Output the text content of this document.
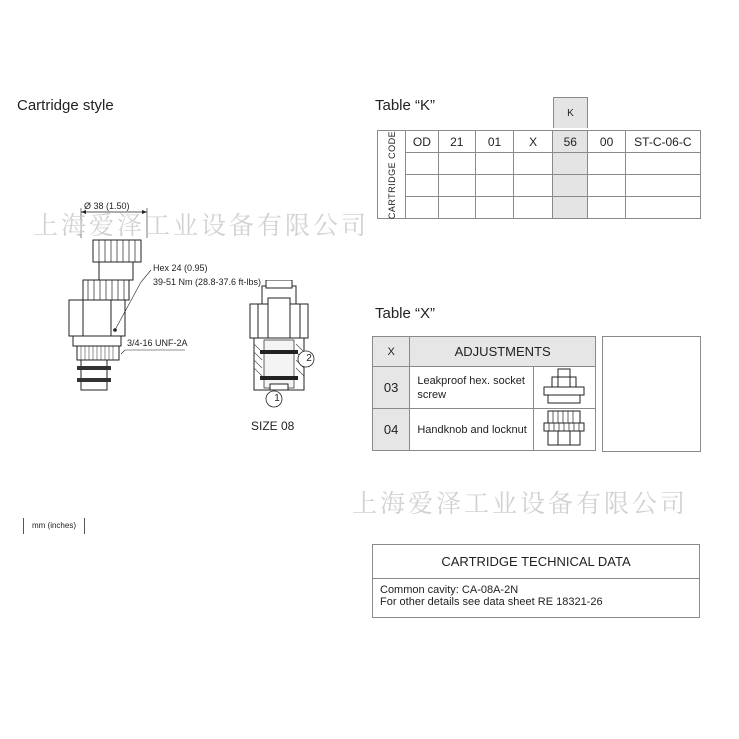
Cartridge style	Table “K”
Table “X”
Ø 38 (1.50)
Hex 24 (0.95)
39-51 Nm (28.8-37.6 ft-lbs)
3/4-16 UNF-2A
2
1
SIZE 08
mm (inches)
K
CARTRIDGE CODE	OD	21	01	X	56	00	ST-C-06-C

X	ADJUSTMENTS	
03	Leakproof hex. socket screw	
04	Handknob and locknut	
CARTRIDGE TECHNICAL DATA
Common cavity: CA-08A-2N
For other details see data sheet RE 18321-26
上海爱泽工业设备有限公司
上海爱泽工业设备有限公司
